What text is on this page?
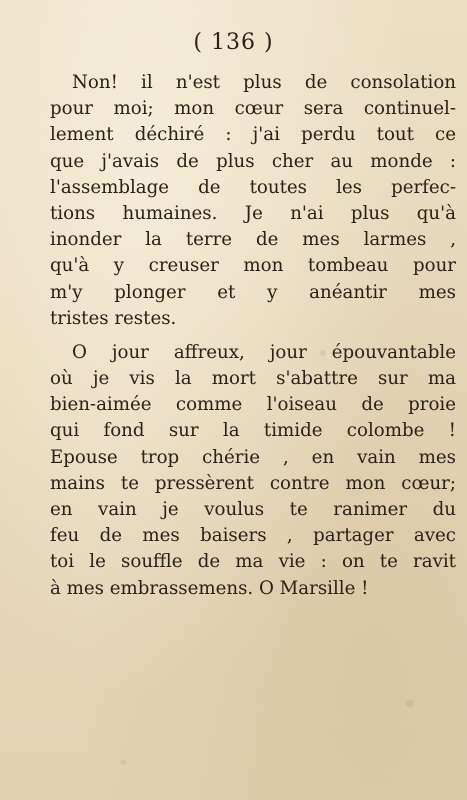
( 136 )

Non! il n'est plus de consolation
pour moi; mon cœur sera continuel-
lement déchiré : j'ai perdu tout ce
que j'avais de plus cher au monde :
l'assemblage de toutes les perfec-
tions humaines. Je n'ai plus qu'à
inonder la terre de mes larmes ,
qu'à y creuser mon tombeau pour
m'y plonger et y anéantir mes
tristes restes.

O jour affreux, jour épouvantable
où je vis la mort s'abattre sur ma
bien-aimée comme l'oiseau de proie
qui fond sur la timide colombe !
Epouse trop chérie , en vain mes
mains te pressèrent contre mon cœur;
en vain je voulus te ranimer du
feu de mes baisers , partager avec
toi le souffle de ma vie : on te ravit
à mes embrassemens. O Marsille !
